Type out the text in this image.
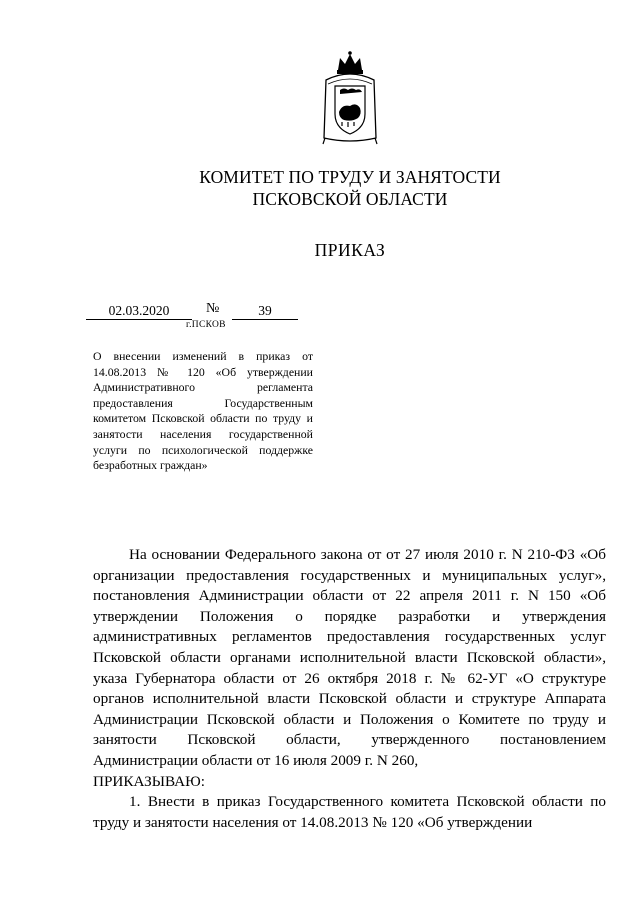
КОМИТЕТ ПО ТРУДУ И ЗАНЯТОСТИ
ПСКОВСКОЙ ОБЛАСТИ
ПРИКАЗ
02.03.2020	№	39
г.ПСКОВ
О внесении изменений в приказ от 14.08.2013 № 120 «Об утверждении Административного регламента предоставления Государственным комитетом Псковской области по труду и занятости населения государственной услуги по психологической поддержке безработных граждан»

На основании Федерального закона от от 27 июля 2010 г. N 210-ФЗ «Об организации предоставления государственных и муниципальных услуг», постановления Администрации области от 22 апреля 2011 г. N 150 «Об утверждении Положения о порядке разработки и утверждения административных регламентов предоставления государственных услуг Псковской области органами исполнительной власти Псковской области», указа Губернатора области от 26 октября 2018 г. № 62-УГ «О структуре органов исполнительной власти Псковской области и структуре Аппарата Администрации Псковской области и Положения о Комитете по труду и занятости Псковской области, утвержденного постановлением Администрации области от 16 июля 2009 г. N 260,

ПРИКАЗЫВАЮ:

1. Внести в приказ Государственного комитета Псковской области по труду и занятости населения от 14.08.2013 № 120 «Об утверждении
